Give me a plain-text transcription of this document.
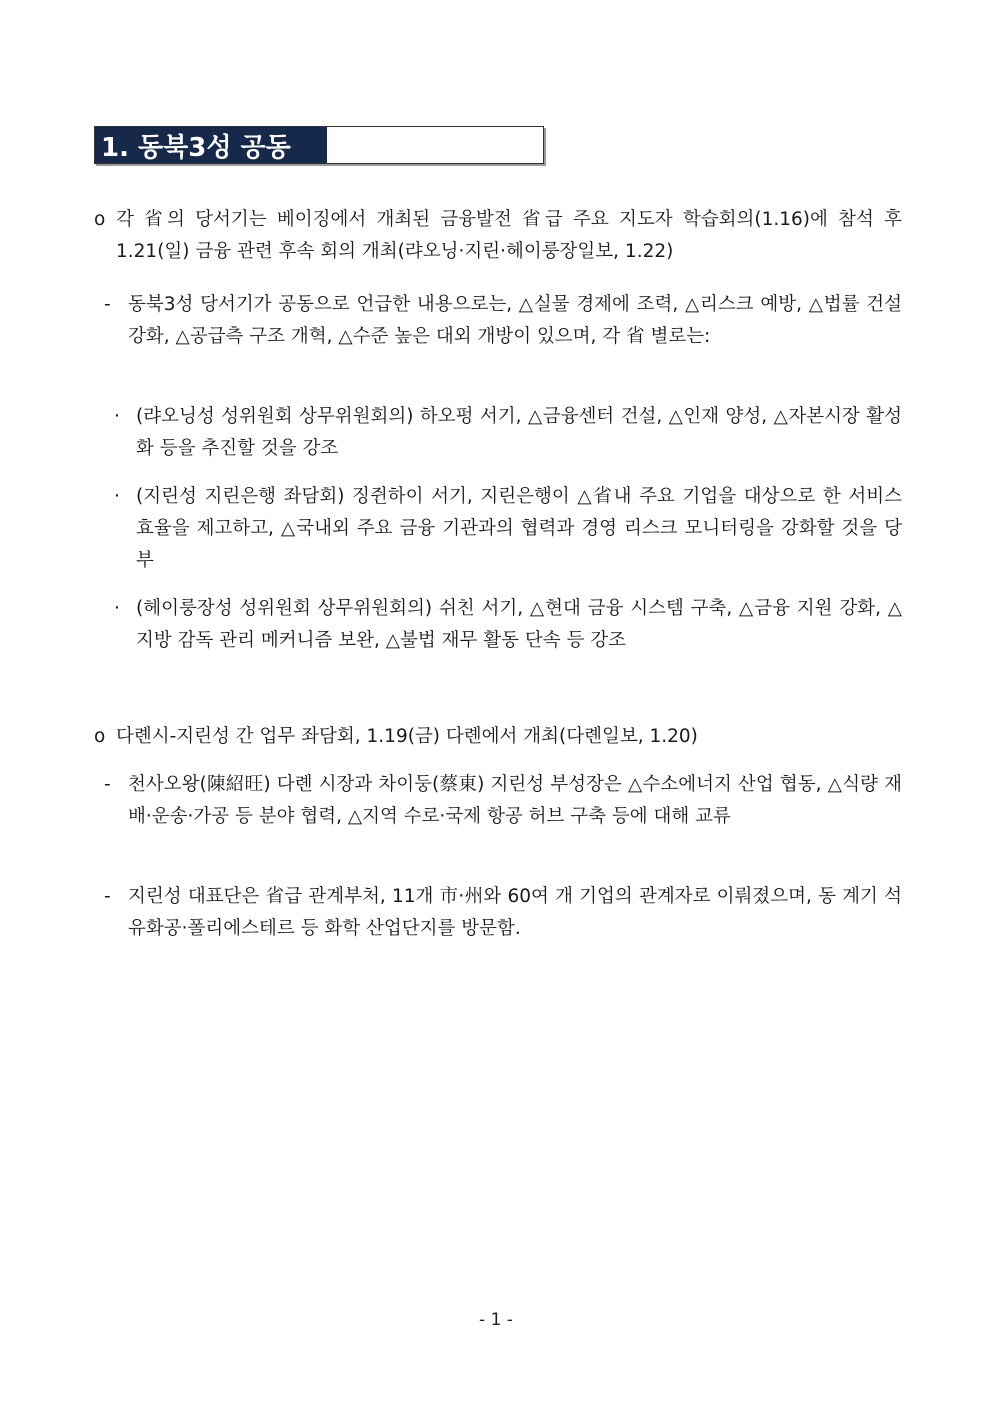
1. 동북3성 공동
o 각 省의 당서기는 베이징에서 개최된 금융발전 省급 주요 지도자 학습회의(1.16)에 참석 후 1.21(일) 금융 관련 후속 회의 개최(랴오닝·지린·헤이룽장일보, 1.22)
- 동북3성 당서기가 공동으로 언급한 내용으로는, △실물 경제에 조력, △리스크 예방, △법률 건설 강화, △공급측 구조 개혁, △수준 높은 대외 개방이 있으며, 각 省 별로는:
· (랴오닝성 성위원회 상무위원회의) 하오펑 서기, △금융센터 건설, △인재 양성, △자본시장 활성화 등을 추진할 것을 강조
· (지린성 지린은행 좌담회) 징쥔하이 서기, 지린은행이 △省내 주요 기업을 대상으로 한 서비스 효율을 제고하고, △국내외 주요 금융 기관과의 협력과 경영 리스크 모니터링을 강화할 것을 당부
· (헤이룽장성 성위원회 상무위원회의) 쉬친 서기, △현대 금융 시스템 구축, △금융 지원 강화, △지방 감독 관리 메커니즘 보완, △불법 재무 활동 단속 등 강조
o 다롄시-지린성 간 업무 좌담회, 1.19(금) 다롄에서 개최(다롄일보, 1.20)
- 천사오왕(陳紹旺) 다롄 시장과 차이둥(蔡東) 지린성 부성장은 △수소에너지 산업 협동, △식량 재배·운송·가공 등 분야 협력, △지역 수로·국제 항공 허브 구축 등에 대해 교류
- 지린성 대표단은 省급 관계부처, 11개 市·州와 60여 개 기업의 관계자로 이뤄졌으며, 동 계기 석유화공·폴리에스테르 등 화학 산업단지를 방문함.
- 1 -
